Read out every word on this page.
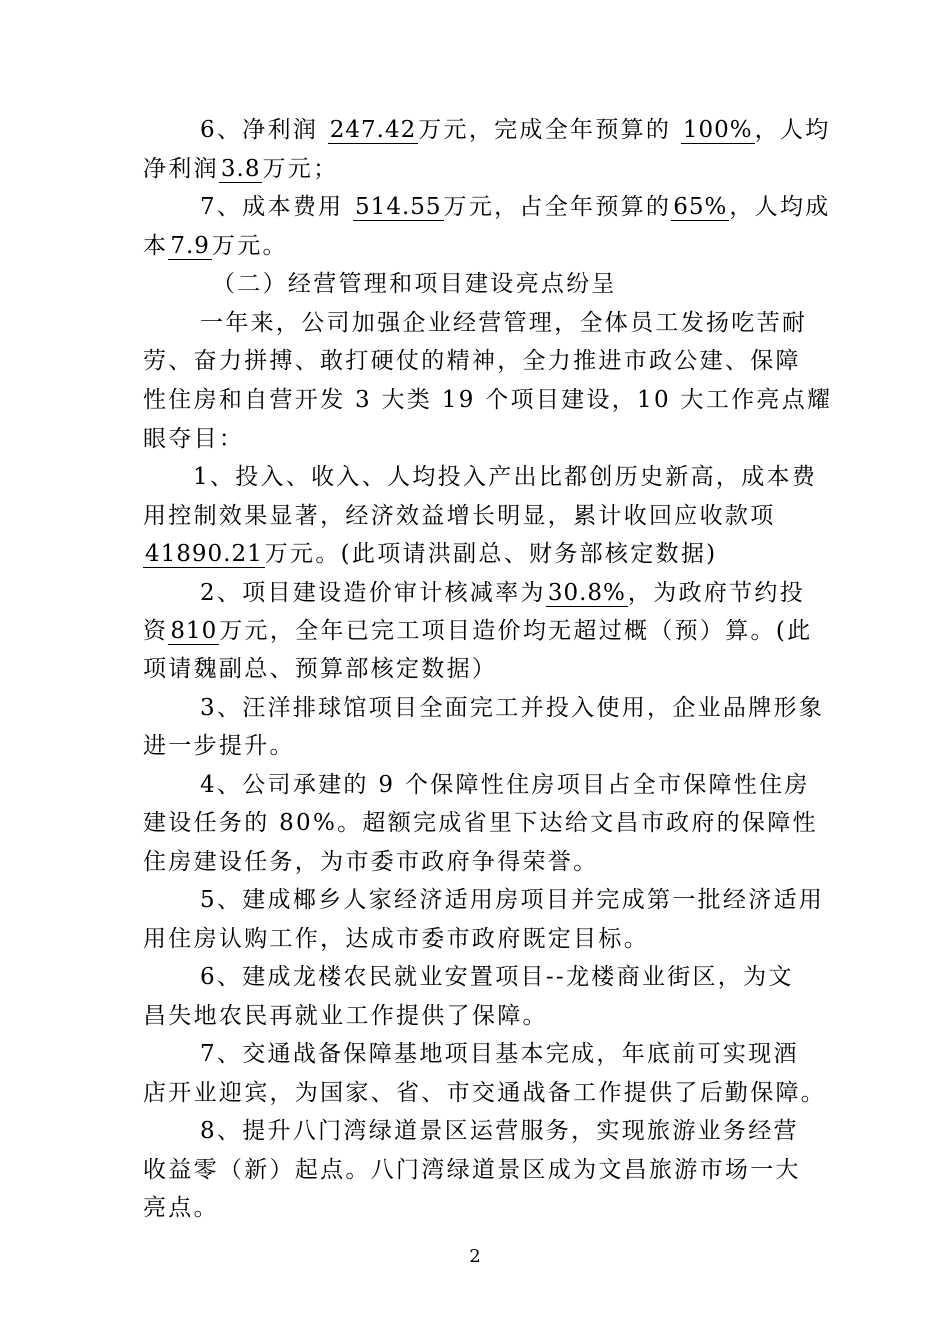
6、净利润 247.42万元，完成全年预算的 100%，人均
净利润3.8万元；
7、成本费用 514.55万元，占全年预算的65%，人均成
本7.9万元。
（二）经营管理和项目建设亮点纷呈
一年来，公司加强企业经营管理，全体员工发扬吃苦耐
劳、奋力拼搏、敢打硬仗的精神，全力推进市政公建、保障
性住房和自营开发 3 大类 19 个项目建设，10 大工作亮点耀
眼夺目：
1、投入、收入、人均投入产出比都创历史新高，成本费
用控制效果显著，经济效益增长明显，累计收回应收款项
41890.21万元。(此项请洪副总、财务部核定数据)
2、项目建设造价审计核减率为30.8%，为政府节约投
资810万元，全年已完工项目造价均无超过概（预）算。(此
项请魏副总、预算部核定数据）
3、汪洋排球馆项目全面完工并投入使用，企业品牌形象
进一步提升。
4、公司承建的 9 个保障性住房项目占全市保障性住房
建设任务的 80%。超额完成省里下达给文昌市政府的保障性
住房建设任务，为市委市政府争得荣誉。
5、建成椰乡人家经济适用房项目并完成第一批经济适用
用住房认购工作，达成市委市政府既定目标。
6、建成龙楼农民就业安置项目--龙楼商业街区，为文
昌失地农民再就业工作提供了保障。
7、交通战备保障基地项目基本完成，年底前可实现酒
店开业迎宾，为国家、省、市交通战备工作提供了后勤保障。
8、提升八门湾绿道景区运营服务，实现旅游业务经营
收益零（新）起点。八门湾绿道景区成为文昌旅游市场一大
亮点。
2
